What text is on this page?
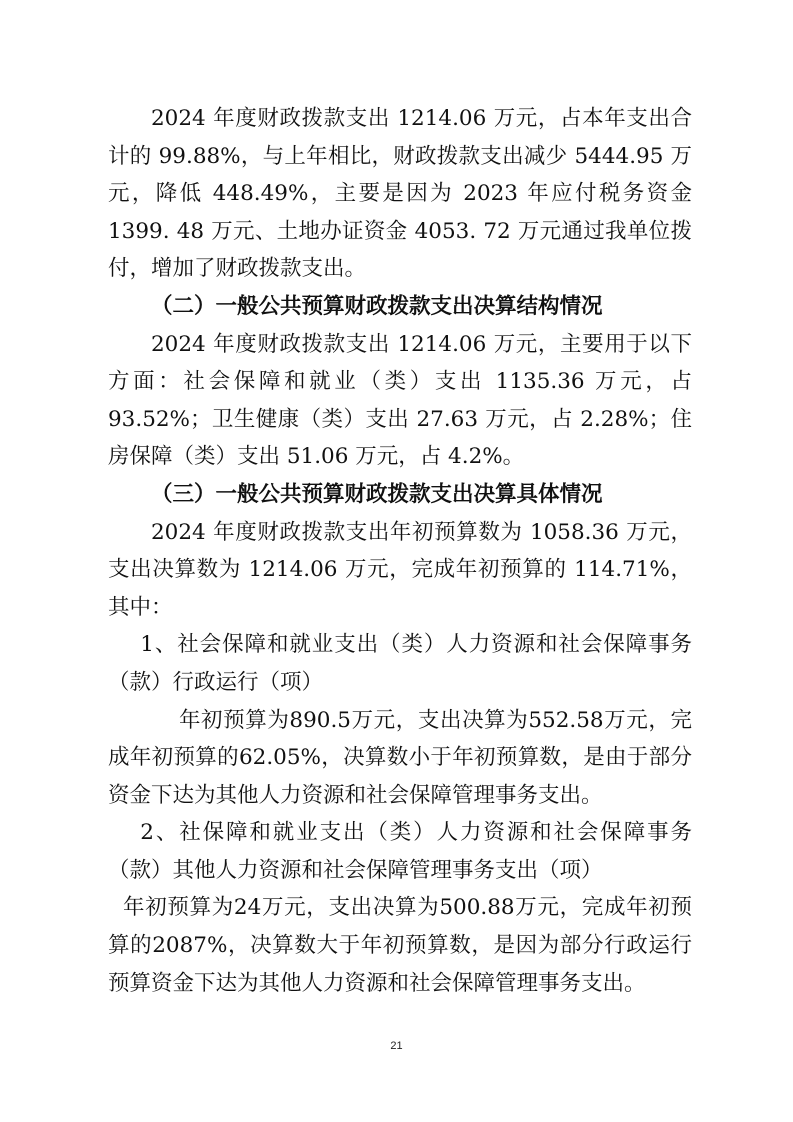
2024 年度财政拨款支出 1214.06 万元，占本年支出合计的 99.88%，与上年相比，财政拨款支出减少 5444.95 万元，降低 448.49%，主要是因为 2023 年应付税务资金 1399. 48 万元、土地办证资金 4053. 72 万元通过我单位拨付，增加了财政拨款支出。

（二）一般公共预算财政拨款支出决算结构情况

2024 年度财政拨款支出 1214.06 万元，主要用于以下方面：社会保障和就业（类）支出 1135.36 万元，占 93.52%；卫生健康（类）支出 27.63 万元，占 2.28%；住房保障（类）支出 51.06 万元，占 4.2%。

（三）一般公共预算财政拨款支出决算具体情况

2024 年度财政拨款支出年初预算数为 1058.36 万元，支出决算数为 1214.06 万元，完成年初预算的 114.71%，其中：

1、社会保障和就业支出（类）人力资源和社会保障事务（款）行政运行（项）

年初预算为890.5万元，支出决算为552.58万元，完成年初预算的62.05%，决算数小于年初预算数，是由于部分资金下达为其他人力资源和社会保障管理事务支出。

2、社保障和就业支出（类）人力资源和社会保障事务（款）其他人力资源和社会保障管理事务支出（项）

年初预算为24万元，支出决算为500.88万元，完成年初预算的2087%，决算数大于年初预算数，是因为部分行政运行预算资金下达为其他人力资源和社会保障管理事务支出。

21
